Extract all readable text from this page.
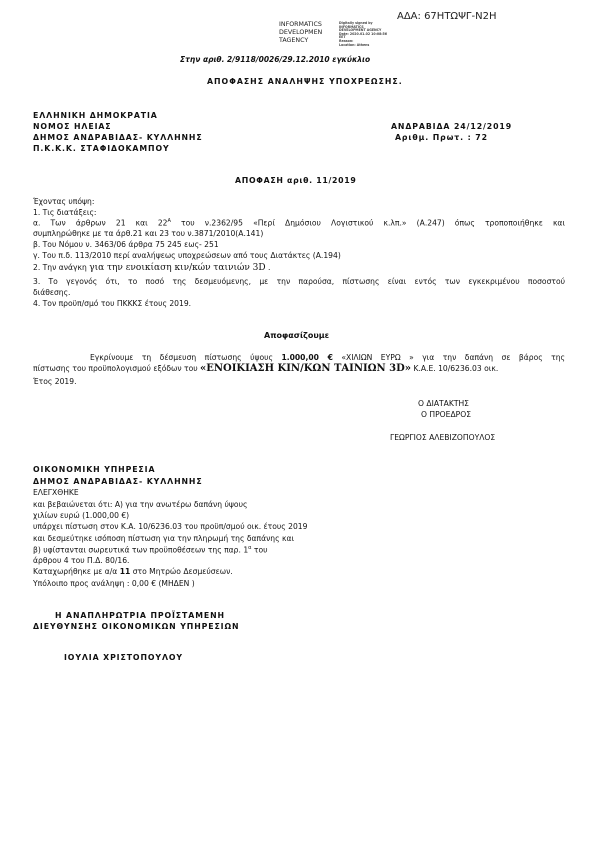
ΑΔΑ: 67ΗΤΩΨΓ-Ν2Η
INFORMATICS
DEVELOPMEN
TAGENCY
Digitally signed by
INFORMATICS
DEVELOPMENT AGENCY
Date: 2020.01.02 10:08:56
EET
Reason:
Location: Athens
Στην αριθ. 2/9118/0026/29.12.2010 εγκύκλιο
ΑΠΟΦΑΣΗΣ ΑΝΑΛΗΨΗΣ ΥΠΟΧΡΕΩΣΗΣ.
ΕΛΛΗΝΙΚΗ ΔΗΜΟΚΡΑΤΙΑ
ΝΟΜΟΣ ΗΛΕΙΑΣ
ΔΗΜΟΣ ΑΝΔΡΑΒΙΔΑΣ- ΚΥΛΛΗΝΗΣ
Π.Κ.Κ.Κ. ΣΤΑΦΙΔΟΚΑΜΠΟΥ
ΑΝΔΡΑΒΙΔΑ 24/12/2019
Αριθμ. Πρωτ. : 72
ΑΠΟΦΑΣΗ αριθ. 11/2019
Έχοντας υπόψη:
1. Τις διατάξεις:
α. Των άρθρων 21 και $22^A$ του ν.2362/95 «Περί Δημόσιου Λογιστικού κ.λπ.» (Α.247) όπως τροποποιήθηκε και
συμπληρώθηκε με τα άρθ.21 και 23 του ν.3871/2010(Α.141)
β. Του Νόμου ν. 3463/06 άρθρα 75 245 εως- 251
γ. Του π.δ. 113/2010 περί αναλήψεως υποχρεώσεων από τους Διατάκτες (Α.194)
2. Την ανάγκη για την ενοικίαση κιν/κών ταινιών 3D .
3. Το γεγονός ότι, το ποσό της δεσμευόμενης, με την παρούσα, πίστωσης είναι εντός των εγκεκριμένου ποσοστού
διάθεσης.
4. Τον προϋπ/σμό του ΠΚΚΚΣ έτους 2019.
Αποφασίζουμε
Εγκρίνουμε τη δέσμευση πίστωσης ύψους 1.000,00 € «ΧΙΛΙΩΝ ΕΥΡΩ » για την δαπάνη σε βάρος της
πίστωσης του προϋπολογισμού εξόδων του «ΕΝΟΙΚΙΑΣΗ ΚΙΝ/ΚΩΝ ΤΑΙΝΙΩΝ 3D» Κ.Α.Ε. 10/6236.03 οικ.
Έτος 2019.
Ο ΔΙΑΤΑΚΤΗΣ
Ο ΠΡΟΕΔΡΟΣ
ΓΕΩΡΓΙΟΣ ΑΛΕΒΙΖΟΠΟΥΛΟΣ
ΟΙΚΟΝΟΜΙΚΗ ΥΠΗΡΕΣΙΑ
ΔΗΜΟΣ ΑΝΔΡΑΒΙΔΑΣ- ΚΥΛΛΗΝΗΣ
ΕΛΕΓΧΘΗΚΕ
και βεβαιώνεται ότι: Α) για την ανωτέρω δαπάνη ύψους
χιλίων ευρώ (1.000,00 €)
υπάρχει πίστωση στον Κ.Α. 10/6236.03 του προϋπ/σμού οικ. έτους 2019
και δεσμεύτηκε ισόποση πίστωση για την πληρωμή της δαπάνης και
β) υφίστανται σωρευτικά των προϋποθέσεων της παρ. $1^\alpha$ του
άρθρου 4 του Π.Δ. 80/16.
Καταχωρήθηκε με α/α 11 στο Μητρώο Δεσμεύσεων.
Υπόλοιπο προς ανάληψη : 0,00 € (ΜΗΔΕΝ )
Η ΑΝΑΠΛΗΡΩΤΡΙΑ ΠΡΟΪΣΤΑΜΕΝΗ
ΔΙΕΥΘΥΝΣΗΣ ΟΙΚΟΝΟΜΙΚΩΝ ΥΠΗΡΕΣΙΩΝ
ΙΟΥΛΙΑ ΧΡΙΣΤΟΠΟΥΛΟΥ
